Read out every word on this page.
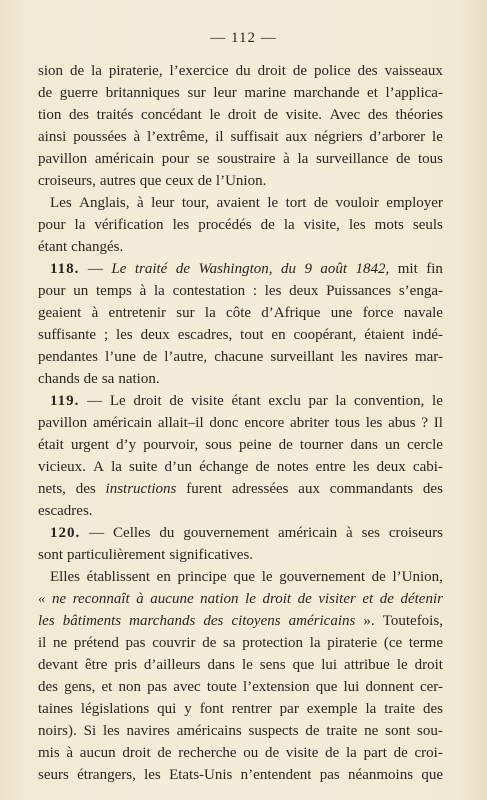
— 112 —
sion de la piraterie, l’exercice du droit de police des vaisseaux
de guerre britanniques sur leur marine marchande et l’applica-
tion des traités concédant le droit de visite. Avec des théories
ainsi poussées à l’extrême, il suffisait aux négriers d’arborer le
pavillon américain pour se soustraire à la surveillance de tous
croiseurs, autres que ceux de l’Union.
Les Anglais, à leur tour, avaient le tort de vouloir employer
pour la vérification les procédés de la visite, les mots seuls
étant changés.
118. — Le traité de Washington, du 9 août 1842, mit fin
pour un temps à la contestation : les deux Puissances s’enga-
geaient à entretenir sur la côte d’Afrique une force navale
suffisante ; les deux escadres, tout en coopérant, étaient indé-
pendantes l’une de l’autre, chacune surveillant les navires mar-
chands de sa nation.
119. — Le droit de visite étant exclu par la convention, le
pavillon américain allait–il donc encore abriter tous les abus ? Il
était urgent d’y pourvoir, sous peine de tourner dans un cercle
vicieux. A la suite d’un échange de notes entre les deux cabi-
nets, des instructions furent adressées aux commandants des
escadres.
120. — Celles du gouvernement américain à ses croiseurs
sont particulièrement significatives.
Elles établissent en principe que le gouvernement de l’Union,
« ne reconnaît à aucune nation le droit de visiter et de détenir
les bâtiments marchands des citoyens américains ». Toutefois,
il ne prétend pas couvrir de sa protection la piraterie (ce terme
devant être pris d’ailleurs dans le sens que lui attribue le droit
des gens, et non pas avec toute l’extension que lui donnent cer-
taines législations qui y font rentrer par exemple la traite des
noirs). Si les navires américains suspects de traite ne sont sou-
mis à aucun droit de recherche ou de visite de la part de croi-
seurs étrangers, les Etats-Unis n’entendent pas néanmoins que
